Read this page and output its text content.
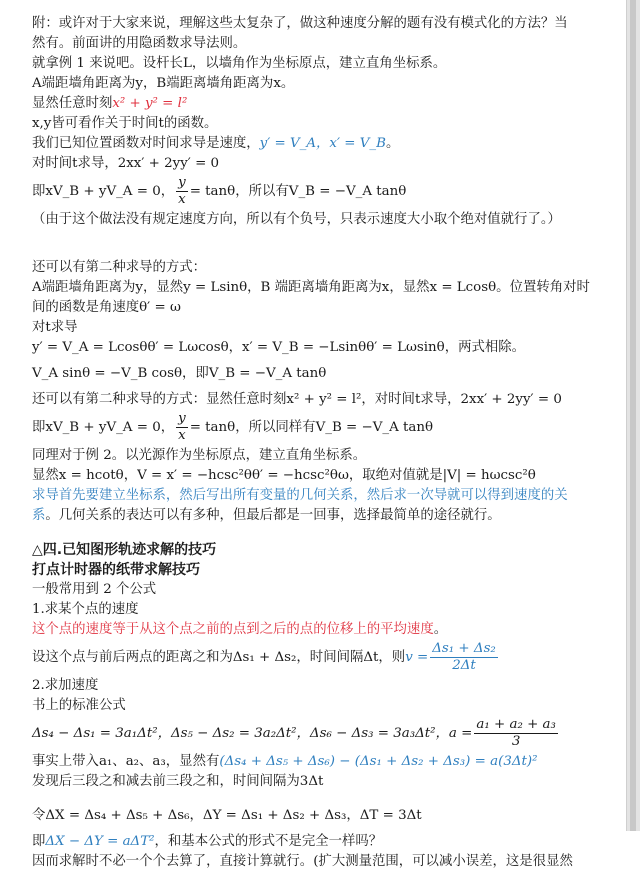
附：或许对于大家来说，理解这些太复杂了，做这种速度分解的题有没有模式化的方法？当
然有。前面讲的用隐函数求导法则。
就拿例 1 来说吧。设杆长L，以墙角作为坐标原点，建立直角坐标系。
A端距墙角距离为y，B端距离墙角距离为x。
显然任意时刻x² + y² = l²
x,y皆可看作关于时间t的函数。
我们已知位置函数对时间求导是速度，y′ = V_A，x′ = V_B。
对时间t求导，2xx′ + 2yy′ = 0
即xV_B + yV_A = 0， $\frac{y}{x} = \tan\theta$，所以有V_B = −V_A tanθ
（由于这个做法没有规定速度方向，所以有个负号，只表示速度大小取个绝对值就行了。）
还可以有第二种求导的方式：
A端距墙角距离为y，显然y = Lsinθ，B 端距离墙角距离为x，显然x = Lcosθ。位置转角对时
间的函数是角速度θ′ = ω
对t求导
y′ = V_A = Lcosθθ′ = Lωcosθ，x′ = V_B = −Lsinθθ′ = Lωsinθ，两式相除。
V_A sinθ = −V_B cosθ，即V_B = −V_A tanθ
还可以有第二种求导的方式：显然任意时刻x² + y² = l²，对时间t求导，2xx′ + 2yy′ = 0
即xV_B + yV_A = 0， $\frac{y}{x} = \tan\theta$，所以同样有V_B = −V_A tanθ
同理对于例 2。以光源作为坐标原点，建立直角坐标系。
显然x = hcotθ，V = x′ = −hcsc²θθ′ = −hcsc²θω，取绝对值就是|V| = hωcsc²θ
求导首先要建立坐标系，然后写出所有变量的几何关系，然后求一次导就可以得到速度的关
系。几何关系的表达可以有多种，但最后都是一回事，选择最简单的途径就行。
△四.已知图形轨迹求解的技巧
打点计时器的纸带求解技巧
一般常用到 2 个公式
1.求某个点的速度
这个点的速度等于从这个点之前的点到之后的点的位移上的平均速度。
设这个点与前后两点的距离之和为Δs₁ + Δs₂，时间间隔Δt，则$v = \frac{\text{Δs₁ + Δs₂}}{2\Delta t}$
2.求加速度
书上的标准公式
Δs₄ − Δs₁ = 3a₁Δt²，Δs₅ − Δs₂ = 3a₂Δt²，Δs₆ − Δs₃ = 3a₃Δt²，$a = \frac{\text{a₁ + a₂ + a₃}}{3}$
事实上带入a₁、a₂、a₃，显然有(Δs₄ + Δs₅ + Δs₆) − (Δs₁ + Δs₂ + Δs₃) = a(3Δt)²
发现后三段之和减去前三段之和，时间间隔为3Δt
令ΔX = Δs₄ + Δs₅ + Δs₆，ΔY = Δs₁ + Δs₂ + Δs₃，ΔT = 3Δt
即ΔX − ΔY = aΔT²，和基本公式的形式不是完全一样吗？
因而求解时不必一个个去算了，直接计算就行。(扩大测量范围，可以减小误差，这是很显然
